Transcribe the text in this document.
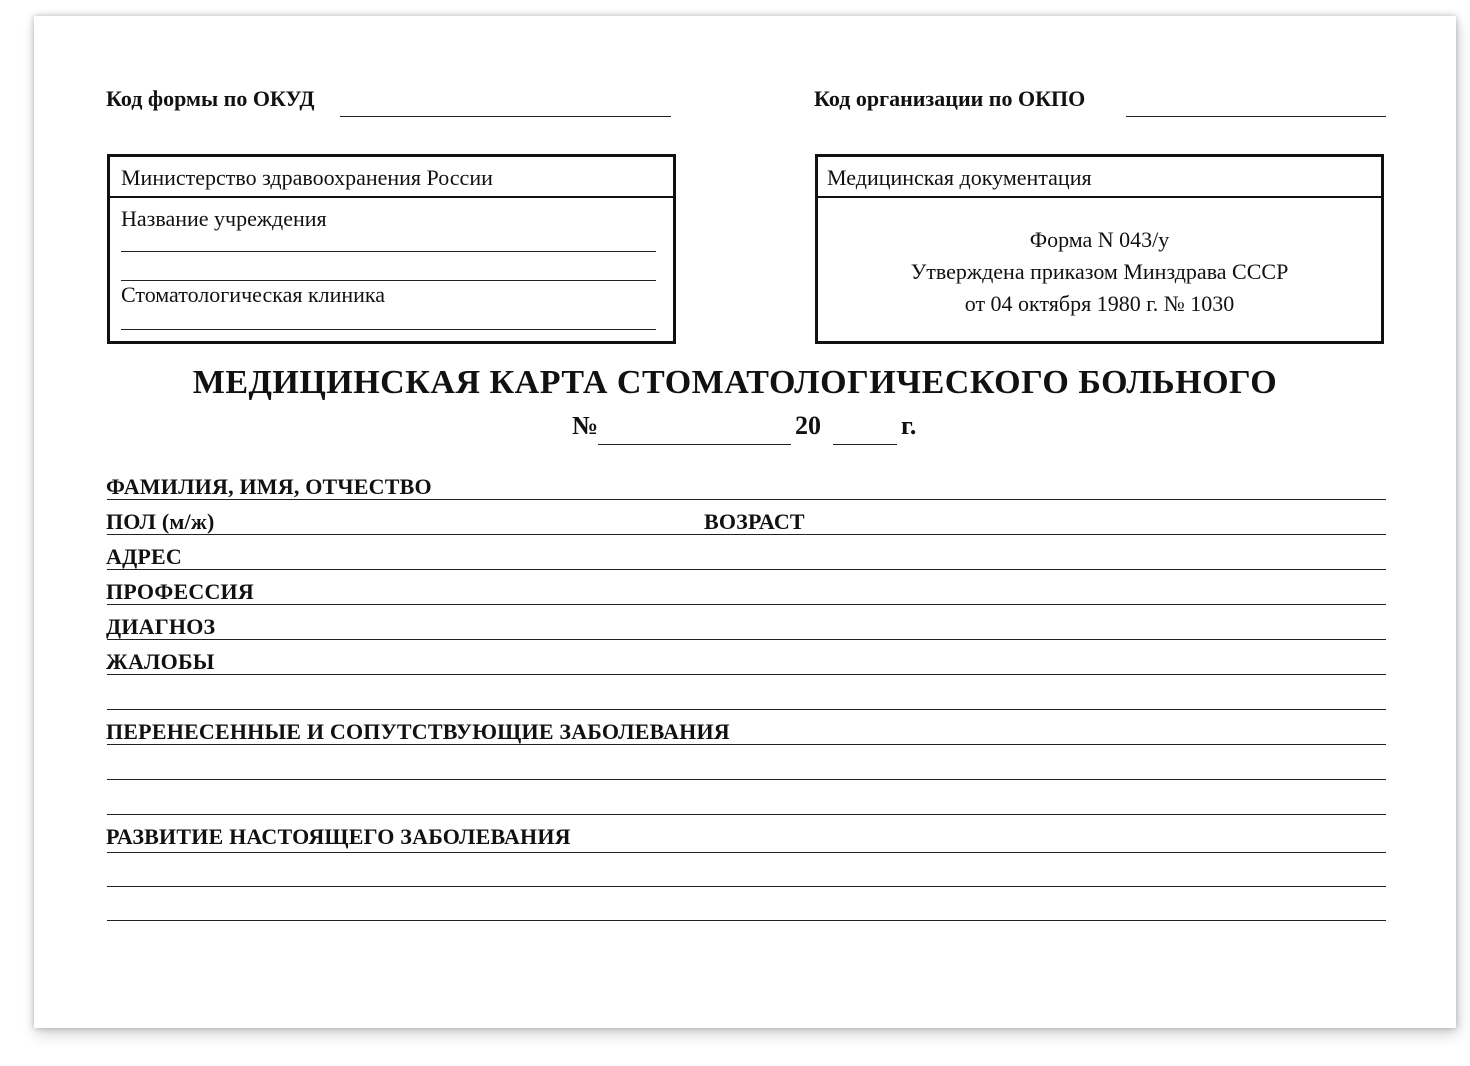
Код формы по ОКУД	Код организации по ОКПО
Министерство здравоохранения России
Название учреждения
Стоматологическая клиника
Медицинская документация
Форма N 043/у
Утверждена приказом Минздрава СССР
от 04 октября 1980 г. № 1030
МЕДИЦИНСКАЯ КАРТА СТОМАТОЛОГИЧЕСКОГО БОЛЬНОГО
№	20	г.
ФАМИЛИЯ, ИМЯ, ОТЧЕСТВО
ПОЛ (м/ж)	ВОЗРАСТ
АДРЕС
ПРОФЕССИЯ
ДИАГНОЗ
ЖАЛОБЫ
ПЕРЕНЕСЕННЫЕ И СОПУТСТВУЮЩИЕ ЗАБОЛЕВАНИЯ
РАЗВИТИЕ НАСТОЯЩЕГО ЗАБОЛЕВАНИЯ
